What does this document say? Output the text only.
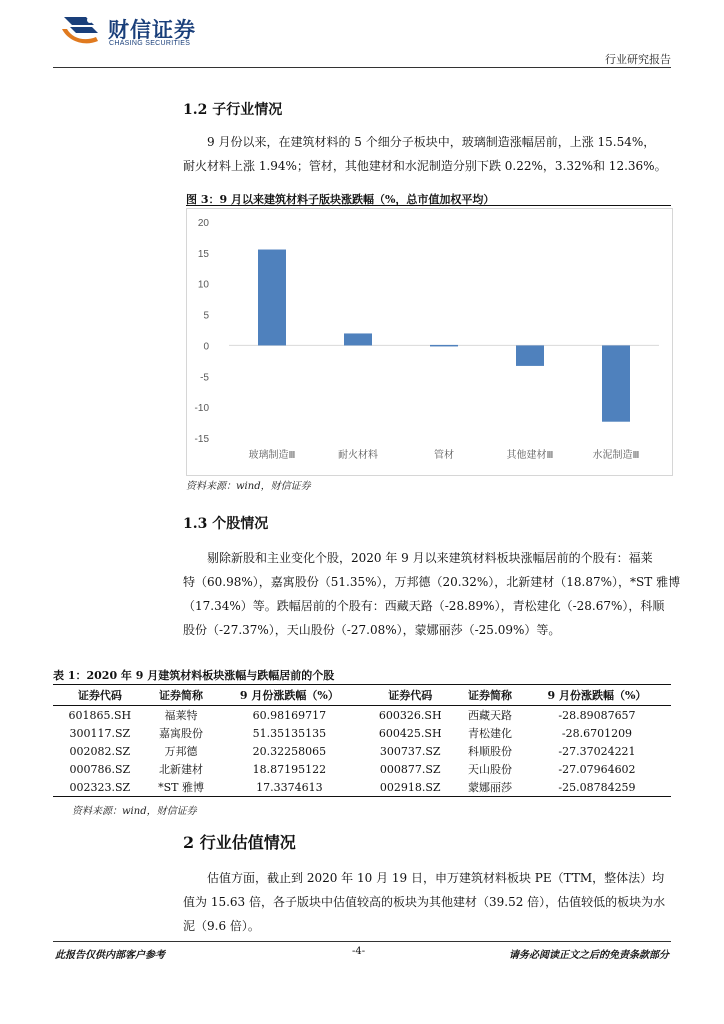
财信证券
CHASING SECURITIES
行业研究报告
1.2 子行业情况
9 月份以来，在建筑材料的 5 个细分子板块中，玻璃制造涨幅居前，上涨 15.54%，
耐火材料上涨 1.94%；管材，其他建材和水泥制造分别下跌 0.22%，3.32%和 12.36%。
图 3：9 月以来建筑材料子版块涨跌幅（%，总市值加权平均）
20
15
10
5
0
-5
-10
-15
玻璃制造Ⅲ	耐火材料	管材	其他建材Ⅲ	水泥制造Ⅲ
资料来源：wind，财信证券
1.3 个股情况
剔除新股和主业变化个股，2020 年 9 月以来建筑材料板块涨幅居前的个股有：福莱
特（60.98%），嘉寓股份（51.35%），万邦德（20.32%），北新建材（18.87%），*ST 雅博
（17.34%）等。跌幅居前的个股有：西藏天路（-28.89%），青松建化（-28.67%），科顺
股份（-27.37%），天山股份（-27.08%），蒙娜丽莎（-25.09%）等。
表 1：2020 年 9 月建筑材料板块涨幅与跌幅居前的个股
证券代码	证券简称	9 月份涨跌幅（%）	证券代码	证券简称	9 月份涨跌幅（%）
601865.SH	福莱特	60.98169717	600326.SH	西藏天路	-28.89087657
300117.SZ	嘉寓股份	51.35135135	600425.SH	青松建化	-28.6701209
002082.SZ	万邦德	20.32258065	300737.SZ	科顺股份	-27.37024221
000786.SZ	北新建材	18.87195122	000877.SZ	天山股份	-27.07964602
002323.SZ	*ST 雅博	17.3374613	002918.SZ	蒙娜丽莎	-25.08784259
资料来源：wind，财信证券
2 行业估值情况
估值方面，截止到 2020 年 10 月 19 日，申万建筑材料板块 PE（TTM，整体法）均
值为 15.63 倍，各子版块中估值较高的板块为其他建材（39.52 倍），估值较低的板块为水
泥（9.6 倍）。
此报告仅供内部客户参考	-4-	请务必阅读正文之后的免责条款部分
